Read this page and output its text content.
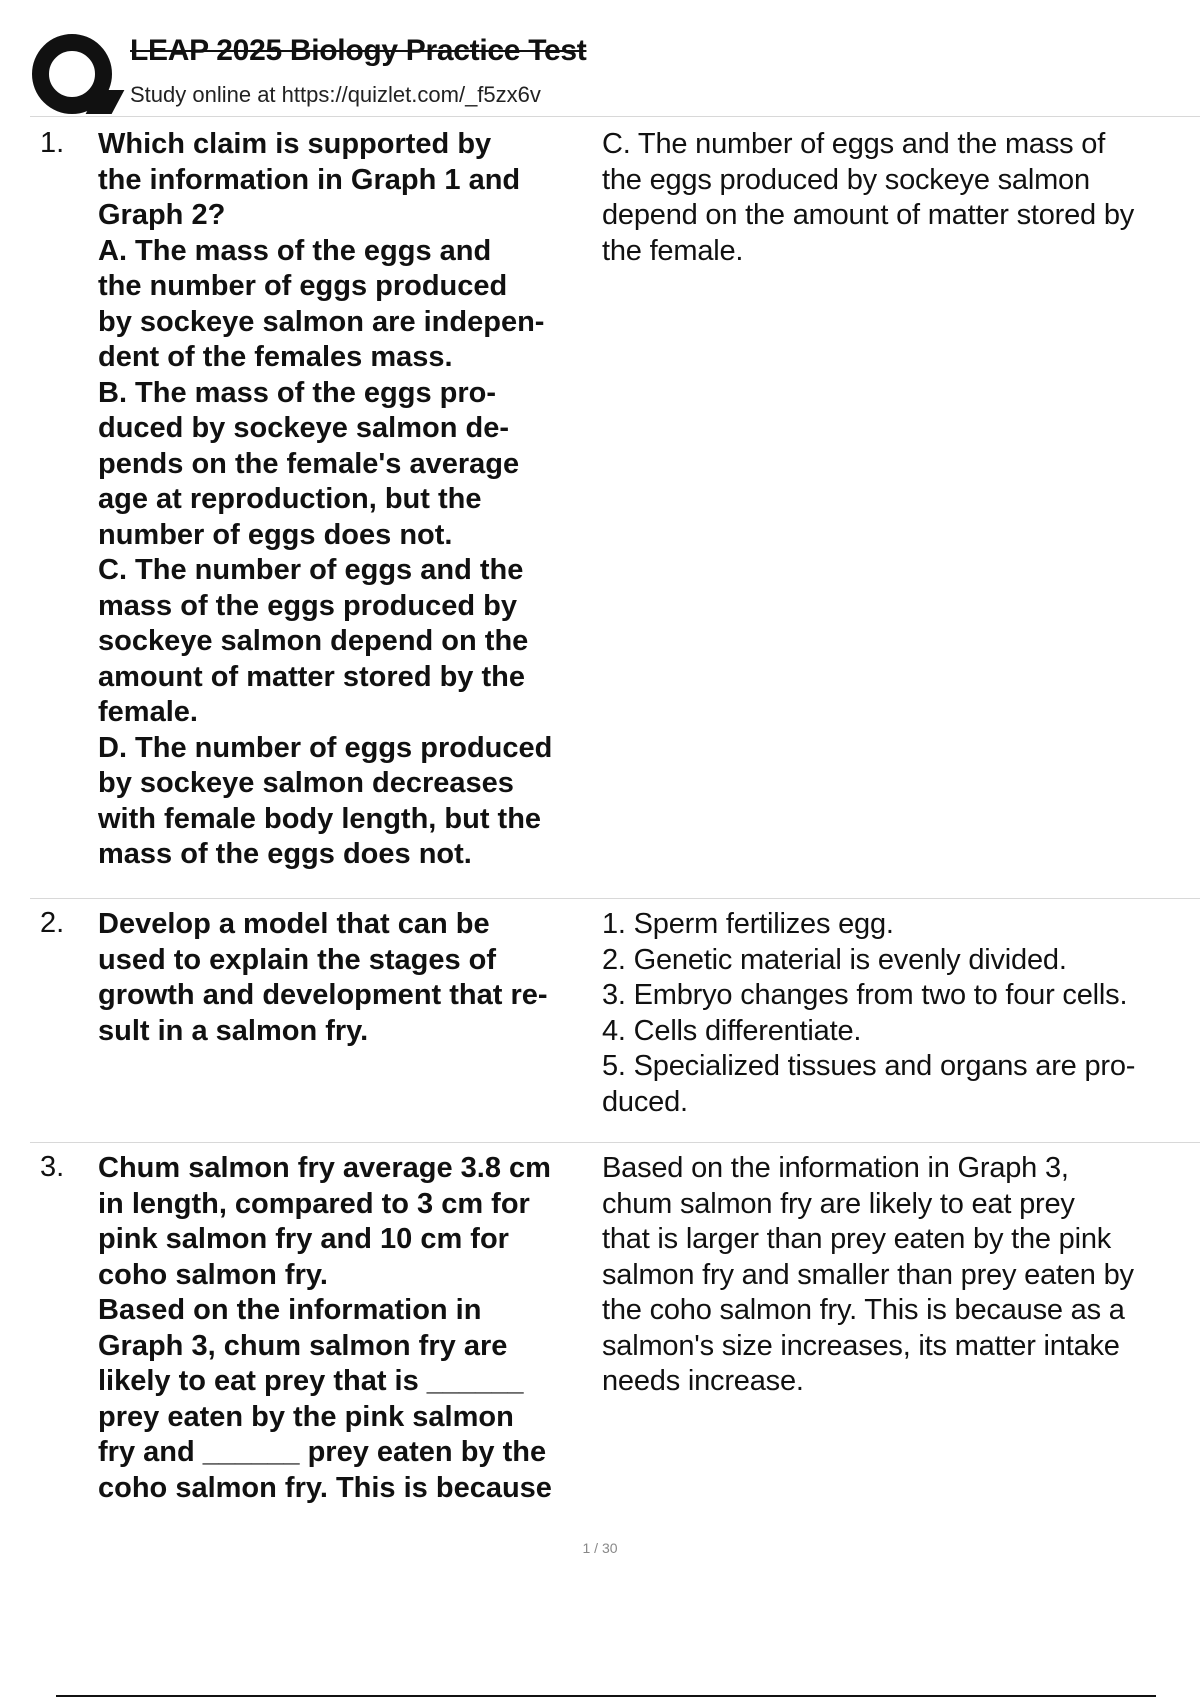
LEAP 2025 Biology Practice Test
Study online at https://quizlet.com/_f5zx6v
1. Which claim is supported by
the information in Graph 1 and
Graph 2?
A. The mass of the eggs and
the number of eggs produced
by sockeye salmon are indepen-
dent of the females mass.
B. The mass of the eggs pro-
duced by sockeye salmon de-
pends on the female's average
age at reproduction, but the
number of eggs does not.
C. The number of eggs and the
mass of the eggs produced by
sockeye salmon depend on the
amount of matter stored by the
female.
D. The number of eggs produced
by sockeye salmon decreases
with female body length, but the
mass of the eggs does not.
C. The number of eggs and the mass of
the eggs produced by sockeye salmon
depend on the amount of matter stored by
the female.
2. Develop a model that can be
used to explain the stages of
growth and development that re-
sult in a salmon fry.
1. Sperm fertilizes egg.
2. Genetic material is evenly divided.
3. Embryo changes from two to four cells.
4. Cells differentiate.
5. Specialized tissues and organs are pro-
duced.
3. Chum salmon fry average 3.8 cm
in length, compared to 3 cm for
pink salmon fry and 10 cm for
coho salmon fry.
Based on the information in
Graph 3, chum salmon fry are
likely to eat prey that is ______
prey eaten by the pink salmon
fry and ______ prey eaten by the
coho salmon fry. This is because
Based on the information in Graph 3,
chum salmon fry are likely to eat prey
that is larger than prey eaten by the pink
salmon fry and smaller than prey eaten by
the coho salmon fry. This is because as a
salmon's size increases, its matter intake
needs increase.
1 / 30
